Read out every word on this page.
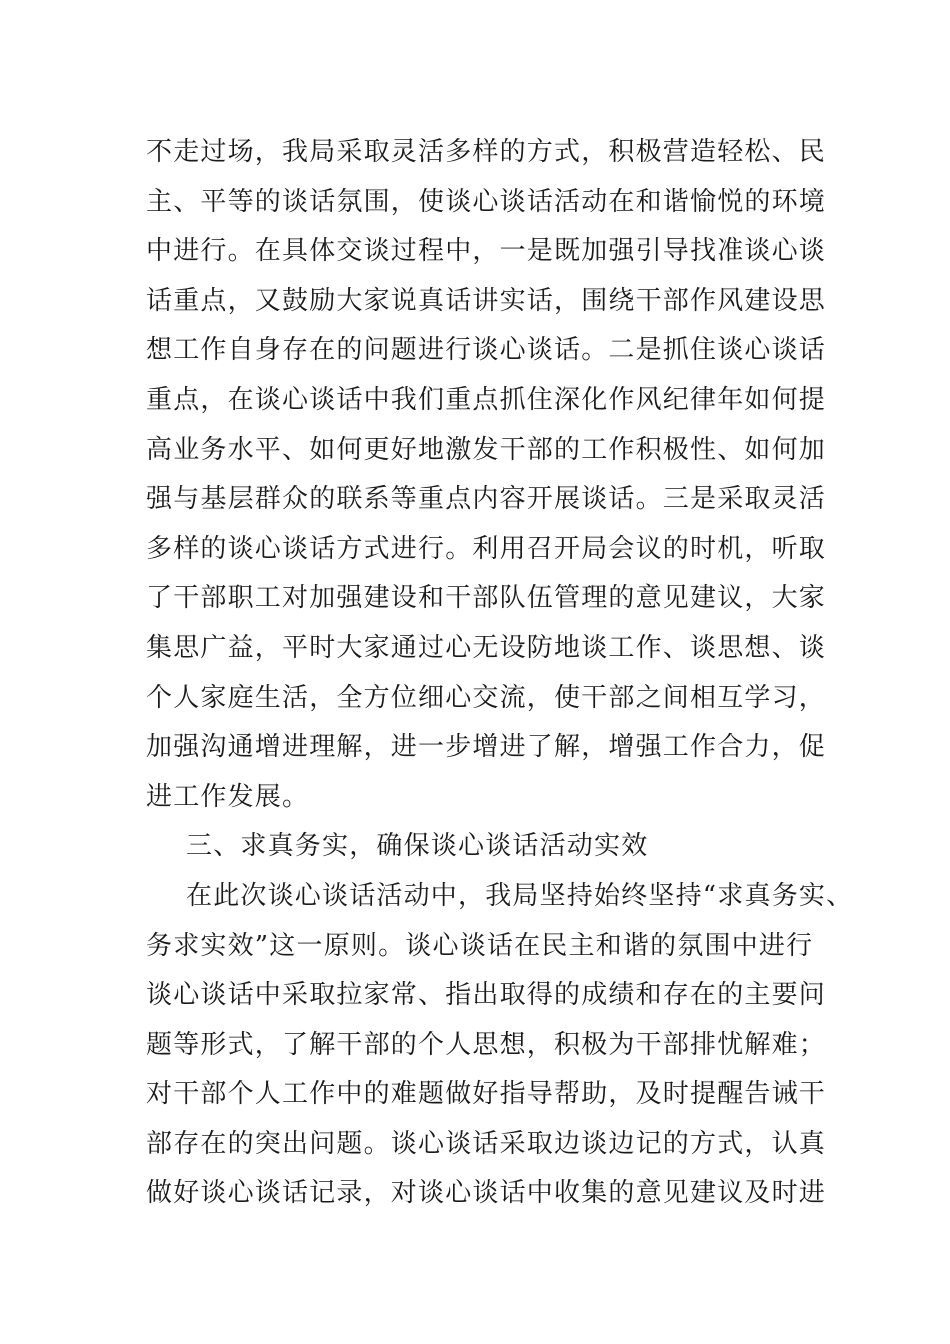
不走过场，我局采取灵活多样的方式，积极营造轻松、民
主、平等的谈话氛围，使谈心谈话活动在和谐愉悦的环境
中进行。在具体交谈过程中，一是既加强引导找准谈心谈
话重点，又鼓励大家说真话讲实话，围绕干部作风建设思
想工作自身存在的问题进行谈心谈话。二是抓住谈心谈话
重点，在谈心谈话中我们重点抓住深化作风纪律年如何提
高业务水平、如何更好地激发干部的工作积极性、如何加
强与基层群众的联系等重点内容开展谈话。三是采取灵活
多样的谈心谈话方式进行。利用召开局会议的时机，听取
了干部职工对加强建设和干部队伍管理的意见建议，大家
集思广益，平时大家通过心无设防地谈工作、谈思想、谈
个人家庭生活，全方位细心交流，使干部之间相互学习，
加强沟通增进理解，进一步增进了解，增强工作合力，促
进工作发展。
三、求真务实，确保谈心谈话活动实效
在此次谈心谈话活动中，我局坚持始终坚持“求真务实、
务求实效”这一原则。谈心谈话在民主和谐的氛围中进行
谈心谈话中采取拉家常、指出取得的成绩和存在的主要问
题等形式，了解干部的个人思想，积极为干部排忧解难；
对干部个人工作中的难题做好指导帮助，及时提醒告诫干
部存在的突出问题。谈心谈话采取边谈边记的方式，认真
做好谈心谈话记录，对谈心谈话中收集的意见建议及时进
